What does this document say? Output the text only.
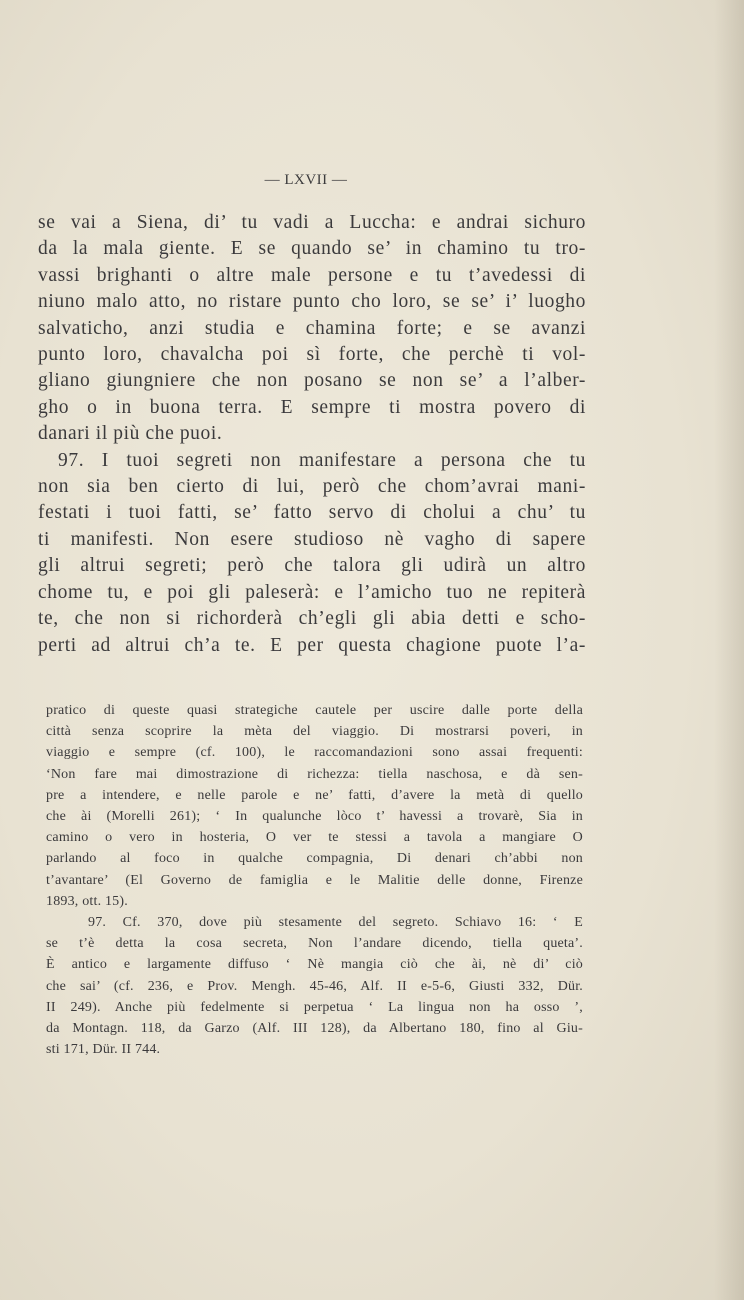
— LXVII —
se vai a Siena, di’ tu vadi a Luccha: e andrai sichuro
da la mala giente. E se quando se’ in chamino tu tro-
vassi brighanti o altre male persone e tu t’avedessi di
niuno malo atto, no ristare punto cho loro, se se’ i’ luogho
salvaticho, anzi studia e chamina forte; e se avanzi
punto loro, chavalcha poi sì forte, che perchè ti vol-
gliano giungniere che non posano se non se’ a l’alber-
gho o in buona terra. E sempre ti mostra povero di
danari il più che puoi.
97. I tuoi segreti non manifestare a persona che tu
non sia ben cierto di lui, però che chom’avrai mani-
festati i tuoi fatti, se’ fatto servo di cholui a chu’ tu
ti manifesti. Non esere studioso nè vagho di sapere
gli altrui segreti; però che talora gli udirà un altro
chome tu, e poi gli paleserà: e l’amicho tuo ne repiterà
te, che non si richorderà ch’egli gli abia detti e scho-
perti ad altrui ch’a te. E per questa chagione puote l’a-
pratico di queste quasi strategiche cautele per uscire dalle porte della
città senza scoprire la mèta del viaggio. Di mostrarsi poveri, in
viaggio e sempre (cf. 100), le raccomandazioni sono assai frequenti:
‘Non fare mai dimostrazione di richezza: tiella naschosa, e dà sen-
pre a intendere, e nelle parole e ne’ fatti, d’avere la metà di quello
che ài (Morelli 261); ‘ In qualunche lòco t’ havessi a trovarè, Sia in
camino o vero in hosteria, O ver te stessi a tavola a mangiare O
parlando al foco in qualche compagnia, Di denari ch’abbi non
t’avantare’ (El Governo de famiglia e le Malitie delle donne, Firenze
1893, ott. 15).
97. Cf. 370, dove più stesamente del segreto. Schiavo 16: ‘ E
se t’è detta la cosa secreta, Non l’andare dicendo, tiella queta’.
È antico e largamente diffuso ‘ Nè mangia ciò che ài, nè di’ ciò
che sai’ (cf. 236, e Prov. Mengh. 45-46, Alf. II e-5-6, Giusti 332, Dür.
II 249). Anche più fedelmente si perpetua ‘ La lingua non ha osso ’,
da Montagn. 118, da Garzo (Alf. III 128), da Albertano 180, fino al Giu-
sti 171, Dür. II 744.
